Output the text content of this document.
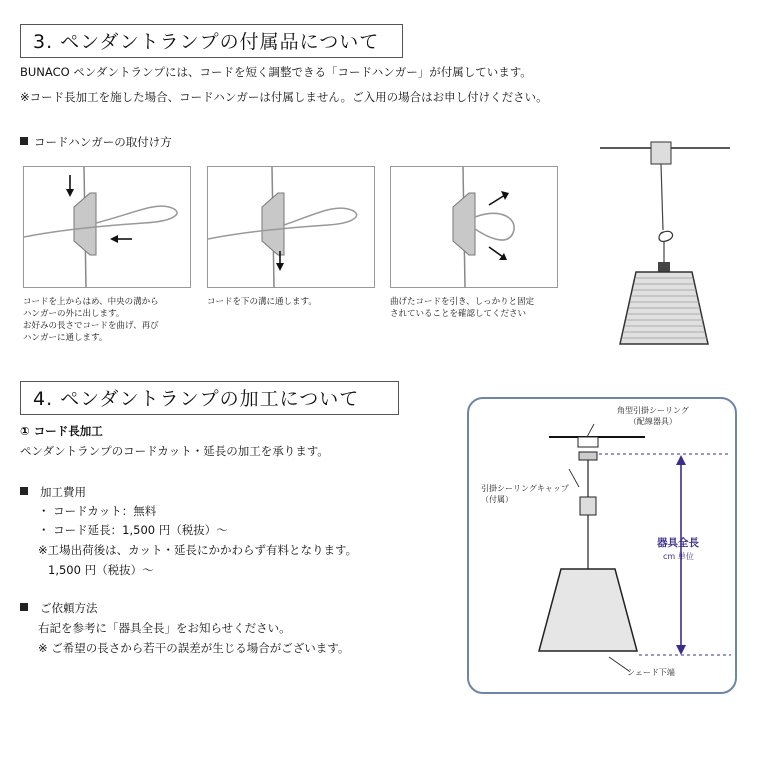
3. ペンダントランプの付属品について
BUNACO ペンダントランプには、コードを短く調整できる「コードハンガー」が付属しています。
※コード長加工を施した場合、コードハンガーは付属しません。ご入用の場合はお申し付けください。
コードハンガーの取付け方
コードを上からはめ、中央の溝から
ハンガーの外に出します。
お好みの長さでコードを曲げ、再び
ハンガーに通します。
コードを下の溝に通します。	曲げたコードを引き、しっかりと固定
されていることを確認してください
4. ペンダントランプの加工について
① コード長加工
ペンダントランプのコードカット・延長の加工を承ります。
加工費用
・ コードカット：無料
・ コード延長：1,500 円（税抜）～
※工場出荷後は、カット・延長にかかわらず有料となります。
1,500 円（税抜）～
ご依頼方法
右記を参考に「器具全長」をお知らせください。
※ ご希望の長さから若干の誤差が生じる場合がございます。
角型引掛シーリング
（配線器具）
引掛シーリングキャップ
（付属）
器具全長
cm 単位
シェード下端
